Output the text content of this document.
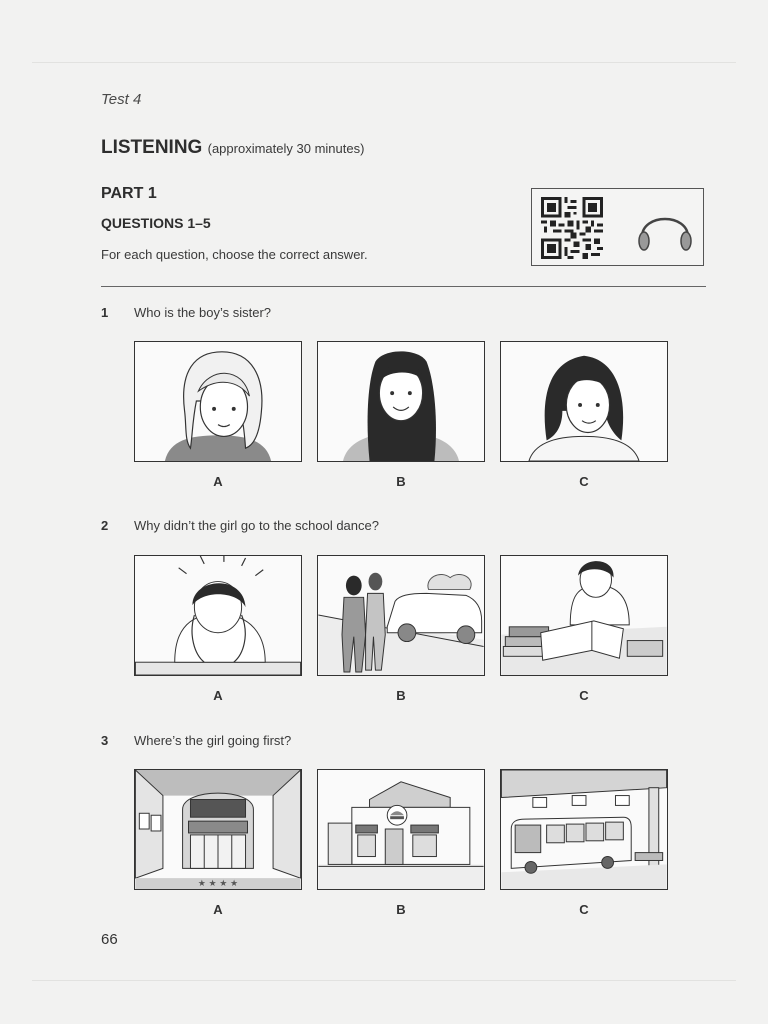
Test 4
LISTENING (approximately 30 minutes)
PART 1
QUESTIONS 1–5
For each question, choose the correct answer.
1 Who is the boy’s sister?
A	B	C
2 Why didn’t the girl go to the school dance?
A	B	C
3 Where’s the girl going first?
★ ★ ★ ★
A	B	C
66
